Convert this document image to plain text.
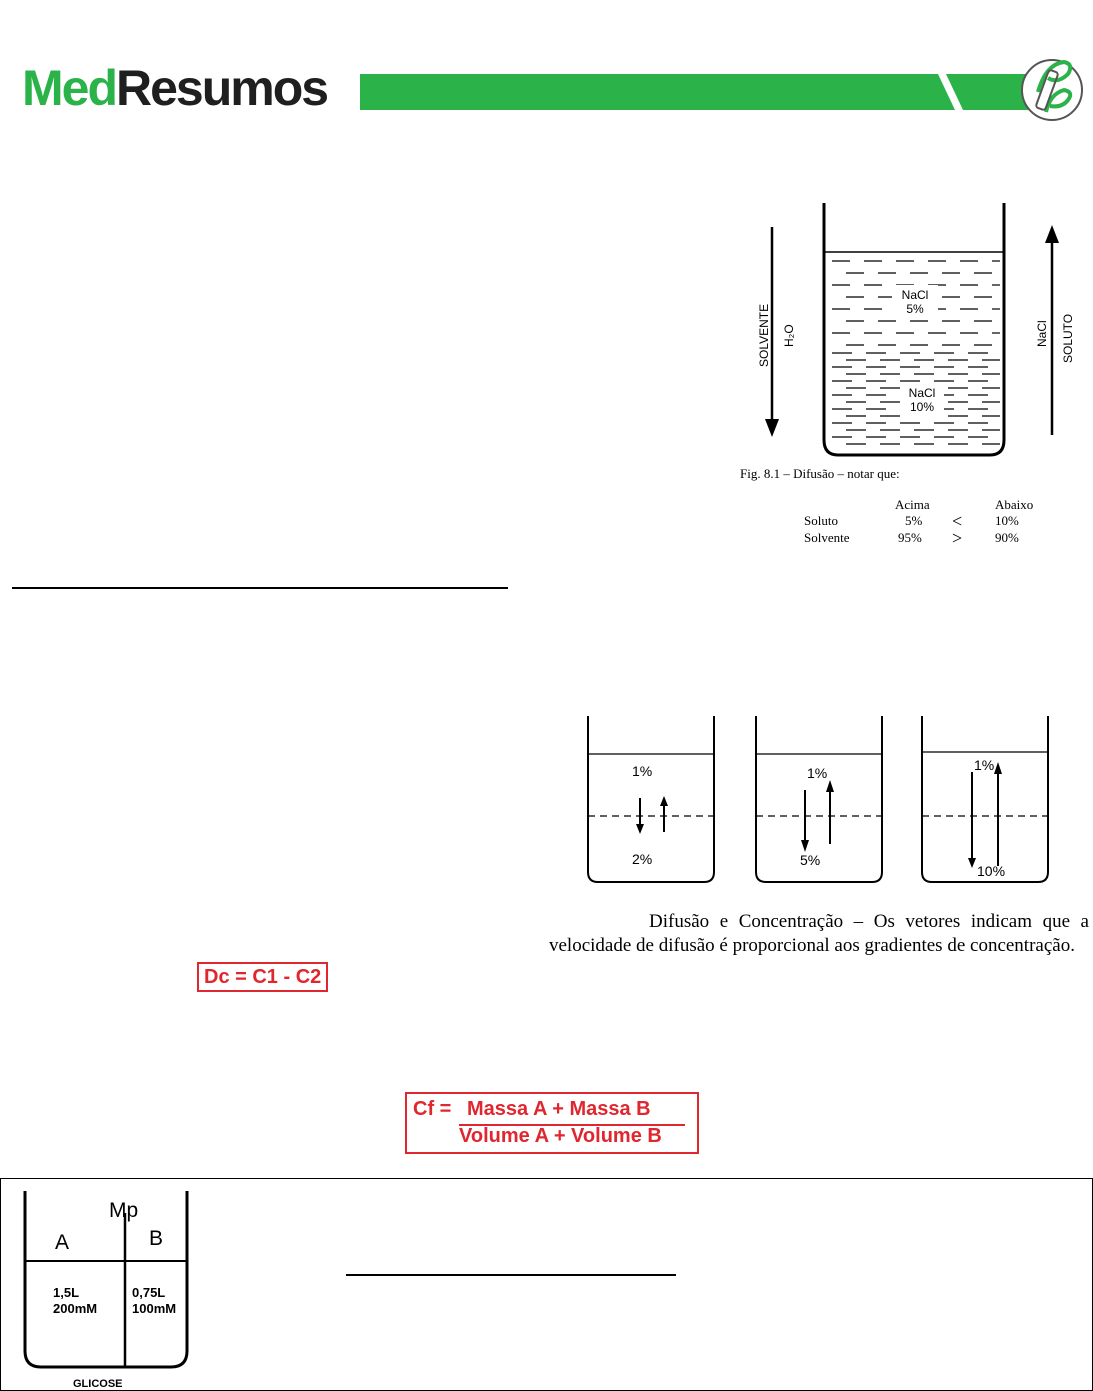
MedResumos
SOLVENTE H₂O	NaCl SOLUTO
NaCl
5%
NaCl
10%
Fig. 8.1 – Difusão – notar que:
Acima	Abaixo
Soluto	5% <	10%
Solvente	95% >	90%
1%
2%
1%
5%
1%
10%
Difusão e Concentração – Os vetores indicam que a velocidade de difusão é proporcional aos gradientes de concentração.
Dc = C1 - C2
Cf = Massa A + Massa B
Volume A + Volume B
Mp
A	B
1,5L
200mM
0,75L
100mM
GLICOSE
